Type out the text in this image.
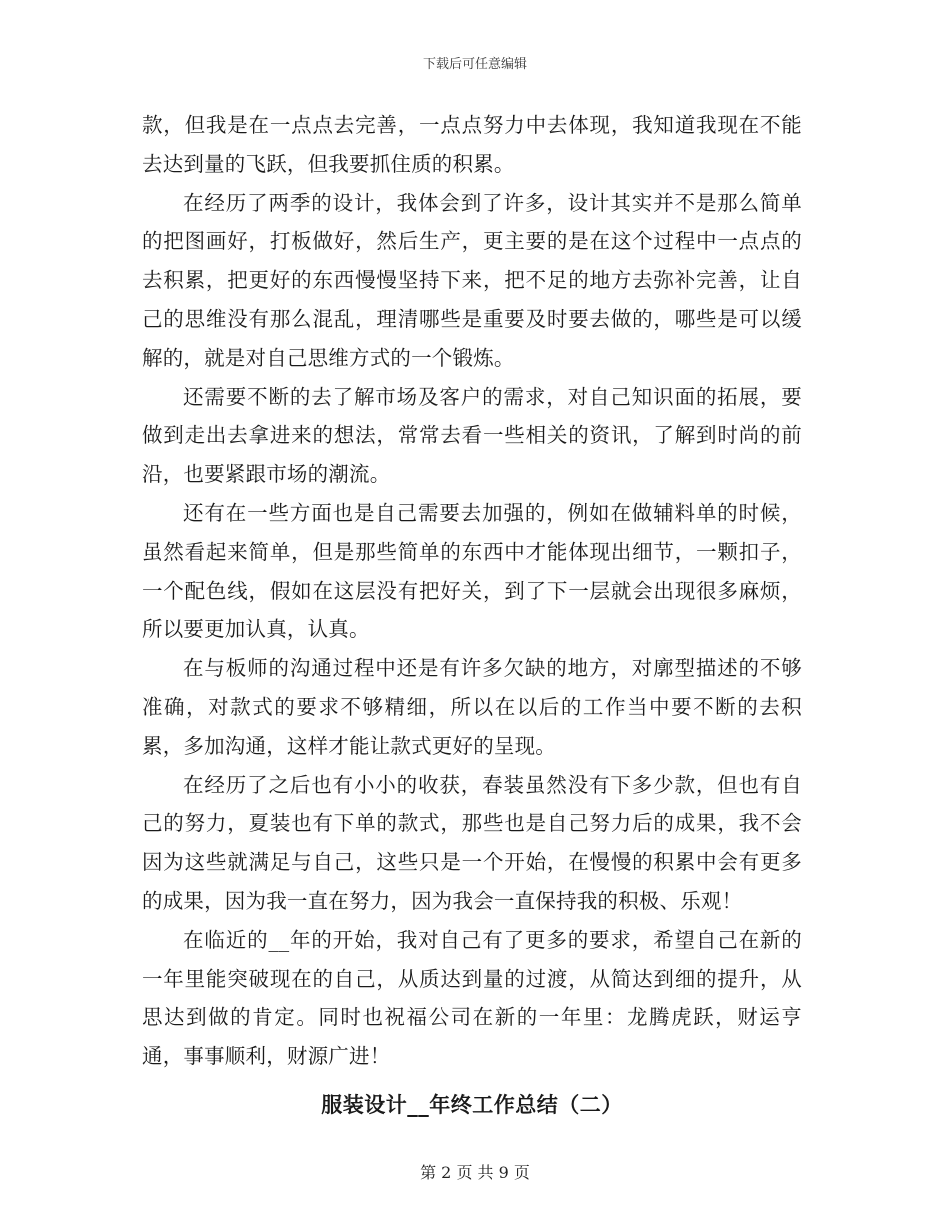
下载后可任意编辑

款，但我是在一点点去完善，一点点努力中去体现，我知道我现在不能去达到量的飞跃，但我要抓住质的积累。

在经历了两季的设计，我体会到了许多，设计其实并不是那么简单的把图画好，打板做好，然后生产，更主要的是在这个过程中一点点的去积累，把更好的东西慢慢坚持下来，把不足的地方去弥补完善，让自己的思维没有那么混乱，理清哪些是重要及时要去做的，哪些是可以缓解的，就是对自己思维方式的一个锻炼。

还需要不断的去了解市场及客户的需求，对自己知识面的拓展，要做到走出去拿进来的想法，常常去看一些相关的资讯，了解到时尚的前沿，也要紧跟市场的潮流。

还有在一些方面也是自己需要去加强的，例如在做辅料单的时候，虽然看起来简单，但是那些简单的东西中才能体现出细节，一颗扣子，一个配色线，假如在这层没有把好关，到了下一层就会出现很多麻烦，所以要更加认真，认真。

在与板师的沟通过程中还是有许多欠缺的地方，对廓型描述的不够准确，对款式的要求不够精细，所以在以后的工作当中要不断的去积累，多加沟通，这样才能让款式更好的呈现。

在经历了之后也有小小的收获，春装虽然没有下多少款，但也有自己的努力，夏装也有下单的款式，那些也是自己努力后的成果，我不会因为这些就满足与自己，这些只是一个开始，在慢慢的积累中会有更多的成果，因为我一直在努力，因为我会一直保持我的积极、乐观！

在临近的__年的开始，我对自己有了更多的要求，希望自己在新的一年里能突破现在的自己，从质达到量的过渡，从简达到细的提升，从思达到做的肯定。同时也祝福公司在新的一年里：龙腾虎跃，财运亨通，事事顺利，财源广进！

服装设计__年终工作总结（二）
第 2 页 共 9 页
